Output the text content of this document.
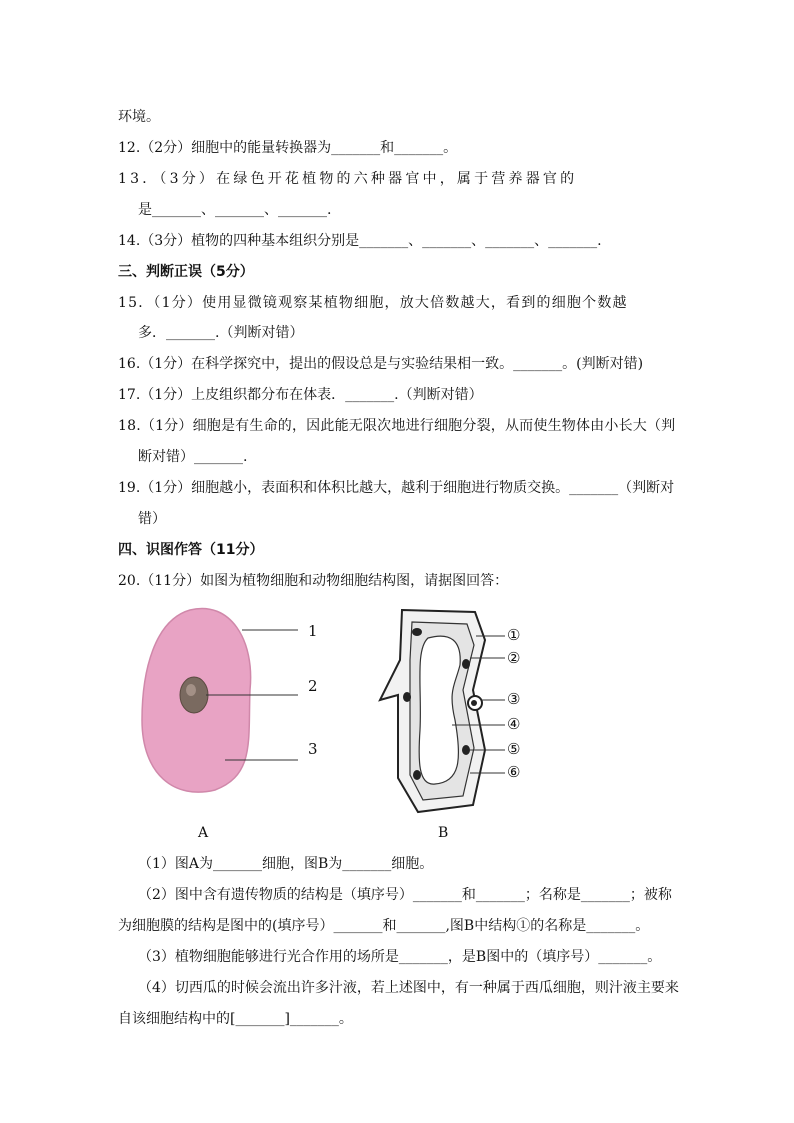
环境。
12.（2分）细胞中的能量转换器为_______和_______。
13．（3分）在绿色开花植物的六种器官中，属于营养器官的
是_______、_______、_______.
14.（3分）植物的四种基本组织分别是_______、_______、_______、_______.
三、判断正误（5分）
15．（1分）使用显微镜观察某植物细胞，放大倍数越大，看到的细胞个数越
多．_______.（判断对错）
16.（1分）在科学探究中，提出的假设总是与实验结果相一致。_______。(判断对错)
17.（1分）上皮组织都分布在体表．_______.（判断对错）
18.（1分）细胞是有生命的，因此能无限次地进行细胞分裂，从而使生物体由小长大（判
断对错）_______.
19.（1分）细胞越小，表面积和体积比越大，越利于细胞进行物质交换。_______（判断对
错）
四、识图作答（11分）
20.（11分）如图为植物细胞和动物细胞结构图，请据图回答：
1
2
3
①
②
③
④
⑤
⑥
A	B
（1）图A为_______细胞，图B为_______细胞。
（2）图中含有遗传物质的结构是（填序号）_______和_______；名称是_______；被称
为细胞膜的结构是图中的(填序号）_______和_______,图B中结构①的名称是_______。
（3）植物细胞能够进行光合作用的场所是_______，是B图中的（填序号）_______。
（4）切西瓜的时候会流出许多汁液，若上述图中，有一种属于西瓜细胞，则汁液主要来
自该细胞结构中的[_______]_______。
